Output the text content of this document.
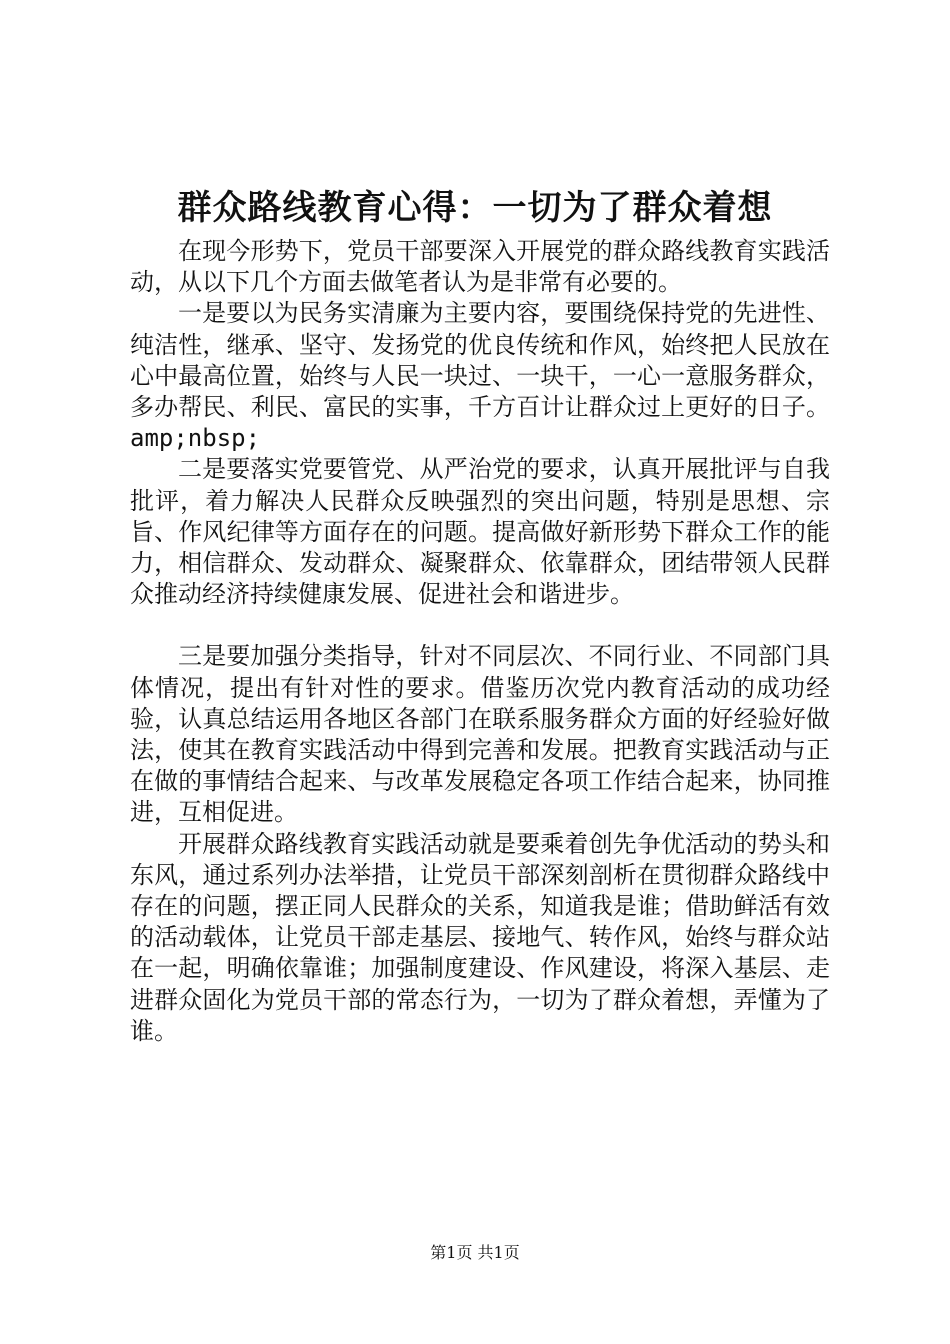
群众路线教育心得：一切为了群众着想

在现今形势下，党员干部要深入开展党的群众路线教育实践活动，从以下几个方面去做笔者认为是非常有必要的。

一是要以为民务实清廉为主要内容，要围绕保持党的先进性、纯洁性，继承、坚守、发扬党的优良传统和作风，始终把人民放在心中最高位置，始终与人民一块过、一块干，一心一意服务群众，多办帮民、利民、富民的实事，千方百计让群众过上更好的日子。amp;nbsp;

二是要落实党要管党、从严治党的要求，认真开展批评与自我批评，着力解决人民群众反映强烈的突出问题，特别是思想、宗旨、作风纪律等方面存在的问题。提高做好新形势下群众工作的能力，相信群众、发动群众、凝聚群众、依靠群众，团结带领人民群众推动经济持续健康发展、促进社会和谐进步。

三是要加强分类指导，针对不同层次、不同行业、不同部门具体情况，提出有针对性的要求。借鉴历次党内教育活动的成功经验，认真总结运用各地区各部门在联系服务群众方面的好经验好做法，使其在教育实践活动中得到完善和发展。把教育实践活动与正在做的事情结合起来、与改革发展稳定各项工作结合起来，协同推进，互相促进。

开展群众路线教育实践活动就是要乘着创先争优活动的势头和东风，通过系列办法举措，让党员干部深刻剖析在贯彻群众路线中存在的问题，摆正同人民群众的关系，知道我是谁；借助鲜活有效的活动载体，让党员干部走基层、接地气、转作风，始终与群众站在一起，明确依靠谁；加强制度建设、作风建设，将深入基层、走进群众固化为党员干部的常态行为，一切为了群众着想，弄懂为了谁。

第1页 共1页
